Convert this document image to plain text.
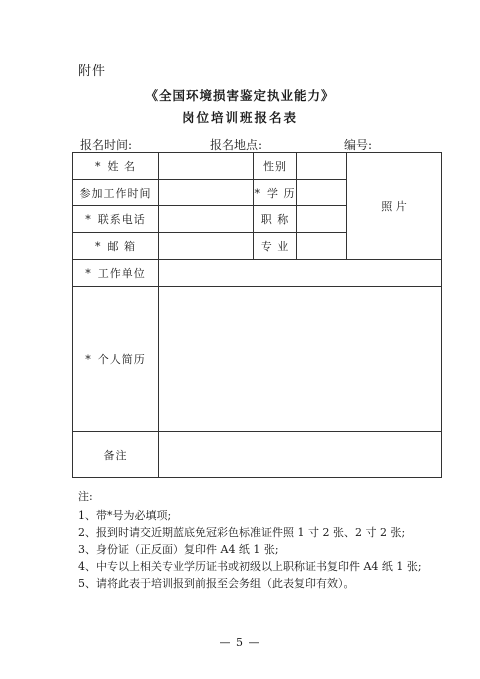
附件
《全国环境损害鉴定执业能力》
岗位培训班报名表
报名时间:	报名地点:	编号:
* 姓 名		性别		照 片
参加工作时间		* 学 历		
* 联系电话		职 称		
* 邮 箱		专 业		
* 工作单位				
* 个人简历				
备注				
注:
1、带*号为必填项;
2、报到时请交近期蓝底免冠彩色标准证件照 1 寸 2 张、2 寸 2 张;
3、身份证（正反面）复印件 A4 纸 1 张;
4、中专以上相关专业学历证书或初级以上职称证书复印件 A4 纸 1 张;
5、请将此表于培训报到前报至会务组（此表复印有效）。
— 5 —
